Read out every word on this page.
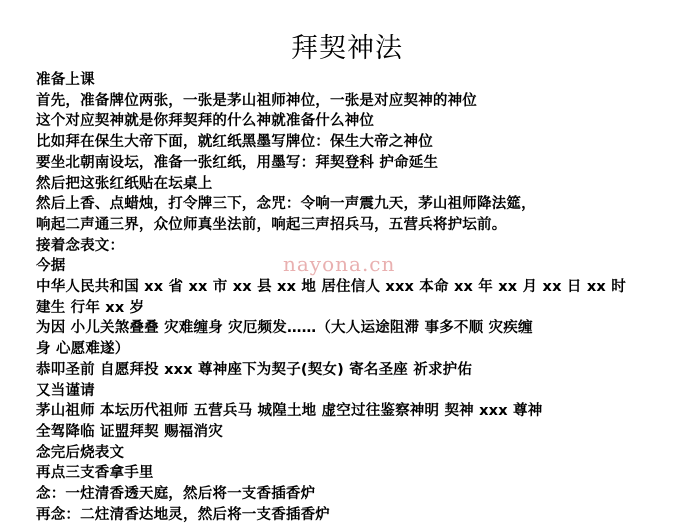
拜契神法
准备上课
首先，准备牌位两张，一张是茅山祖师神位，一张是对应契神的神位
这个对应契神就是你拜契拜的什么神就准备什么神位
比如拜在保生大帝下面，就红纸黑墨写牌位：保生大帝之神位
要坐北朝南设坛，准备一张红纸，用墨写：拜契登科 护命延生
然后把这张红纸贴在坛桌上
然后上香、点蜡烛，打令牌三下，念咒：令响一声震九天，茅山祖师降法筵，
响起二声通三界，众位师真坐法前，响起三声招兵马，五营兵将护坛前。
接着念表文：
今据
中华人民共和国 xx 省 xx 市 xx 县 xx 地 居住信人 xxx 本命 xx 年 xx 月 xx 日 xx 时
建生 行年 xx 岁
为因 小儿关煞叠叠 灾难缠身 灾厄频发……（大人运途阻滞 事多不顺 灾疾缠
身 心愿难遂）
恭叩圣前 自愿拜投 xxx 尊神座下为契子(契女) 寄名圣座 祈求护佑
又当谨请
茅山祖师 本坛历代祖师 五营兵马 城隍土地 虚空过往鉴察神明 契神 xxx 尊神
全驾降临 证盟拜契 赐福消灾
念完后烧表文
再点三支香拿手里
念：一炷清香透天庭，然后将一支香插香炉
再念：二炷清香达地灵，然后将一支香插香炉
nayona.cn
